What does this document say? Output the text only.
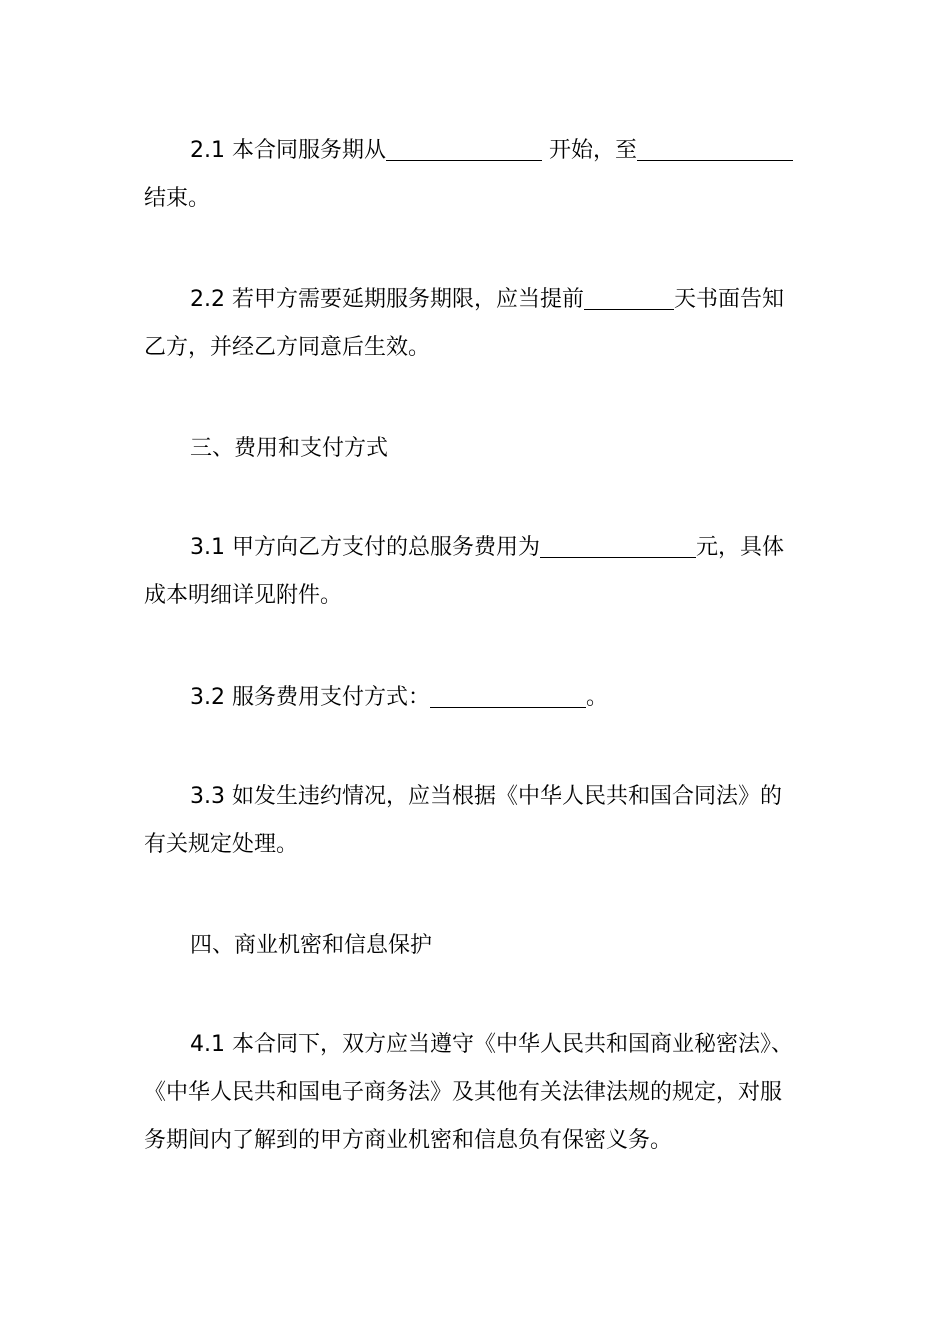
2.1 本合同服务期从	开始，至
结束。

2.2 若甲方需要延期服务期限，应当提前	天书面告知
乙方，并经乙方同意后生效。

三、费用和支付方式

3.1 甲方向乙方支付的总服务费用为	元，具体
成本明细详见附件。

3.2 服务费用支付方式：	。

3.3 如发生违约情况，应当根据《中华人民共和国合同法》的
有关规定处理。

四、商业机密和信息保护

4.1 本合同下，双方应当遵守《中华人民共和国商业秘密法》、
《中华人民共和国电子商务法》及其他有关法律法规的规定，对服
务期间内了解到的甲方商业机密和信息负有保密义务。
